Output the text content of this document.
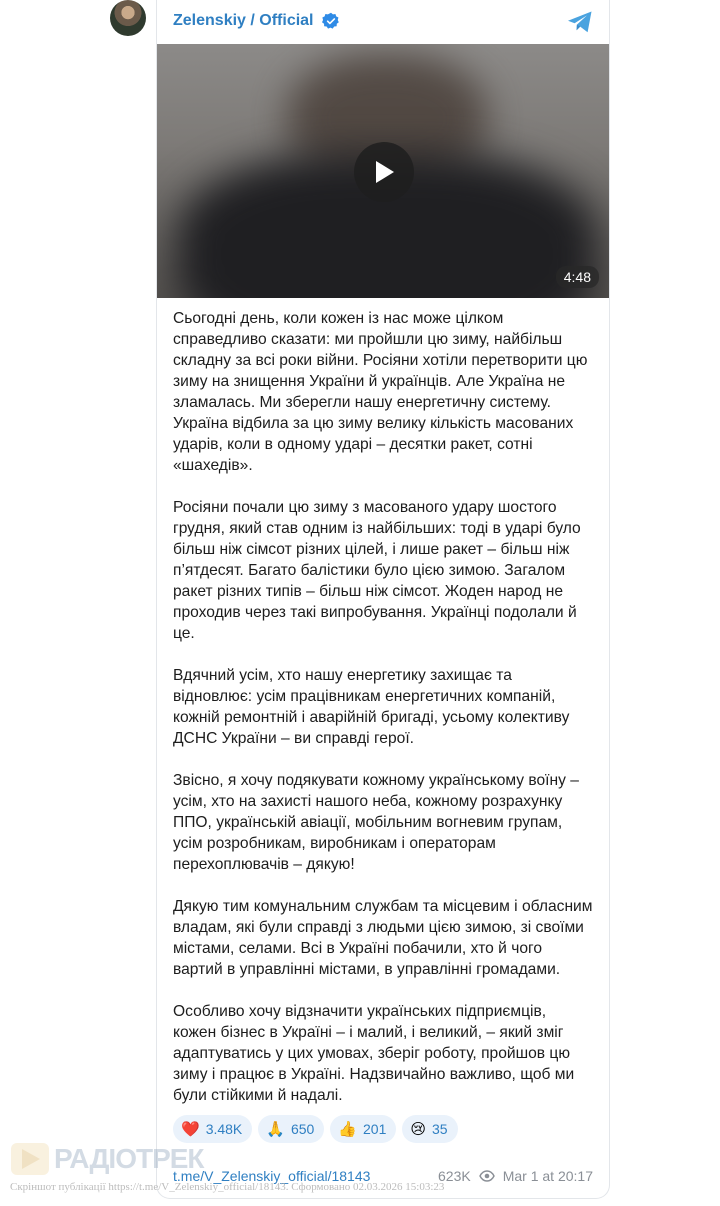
Zelenskiy / Official
4:48

Сьогодні день, коли кожен із нас може цілком справедливо сказати: ми пройшли цю зиму, найбільш складну за всі роки війни. Росіяни хотіли перетворити цю зиму на знищення України й українців. Але Україна не зламалась. Ми зберегли нашу енергетичну систему. Україна відбила за цю зиму велику кількість масованих ударів, коли в одному ударі – десятки ракет, сотні «шахедів».

Росіяни почали цю зиму з масованого удару шостого грудня, який став одним із найбільших: тоді в ударі було більш ніж сімсот різних цілей, і лише ракет – більш ніж п’ятдесят. Багато балістики було цією зимою. Загалом ракет різних типів – більш ніж сімсот. Жоден народ не проходив через такі випробування. Українці подолали й це.

Вдячний усім, хто нашу енергетику захищає та відновлює: усім працівникам енергетичних компаній, кожній ремонтній і аварійній бригаді, усьому колективу ДСНС України – ви справді герої.

Звісно, я хочу подякувати кожному українському воїну – усім, хто на захисті нашого неба, кожному розрахунку ППО, українській авіації, мобільним вогневим групам, усім розробникам, виробникам і операторам перехоплювачів – дякую!

Дякую тим комунальним службам та місцевим і обласним владам, які були справді з людьми цією зимою, зі своїми містами, селами. Всі в Україні побачили, хто й чого вартий в управлінні містами, в управлінні громадами.

Особливо хочу відзначити українських підприємців, кожен бізнес в Україні – і малий, і великий, – який зміг адаптуватись у цих умовах, зберіг роботу, пройшов цю зиму і працює в Україні. Надзвичайно важливо, щоб ми були стійкими й надалі.

❤️ 3.48K 🙏 650 👍 201 😢 35
t.me/V_Zelenskiy_official/18143	623K Mar 1 at 20:17
РАДІОТРЕК
Скріншот публікації https://t.me/V_Zelenskiy_official/18143. Сформовано 02.03.2026 15:03:23
